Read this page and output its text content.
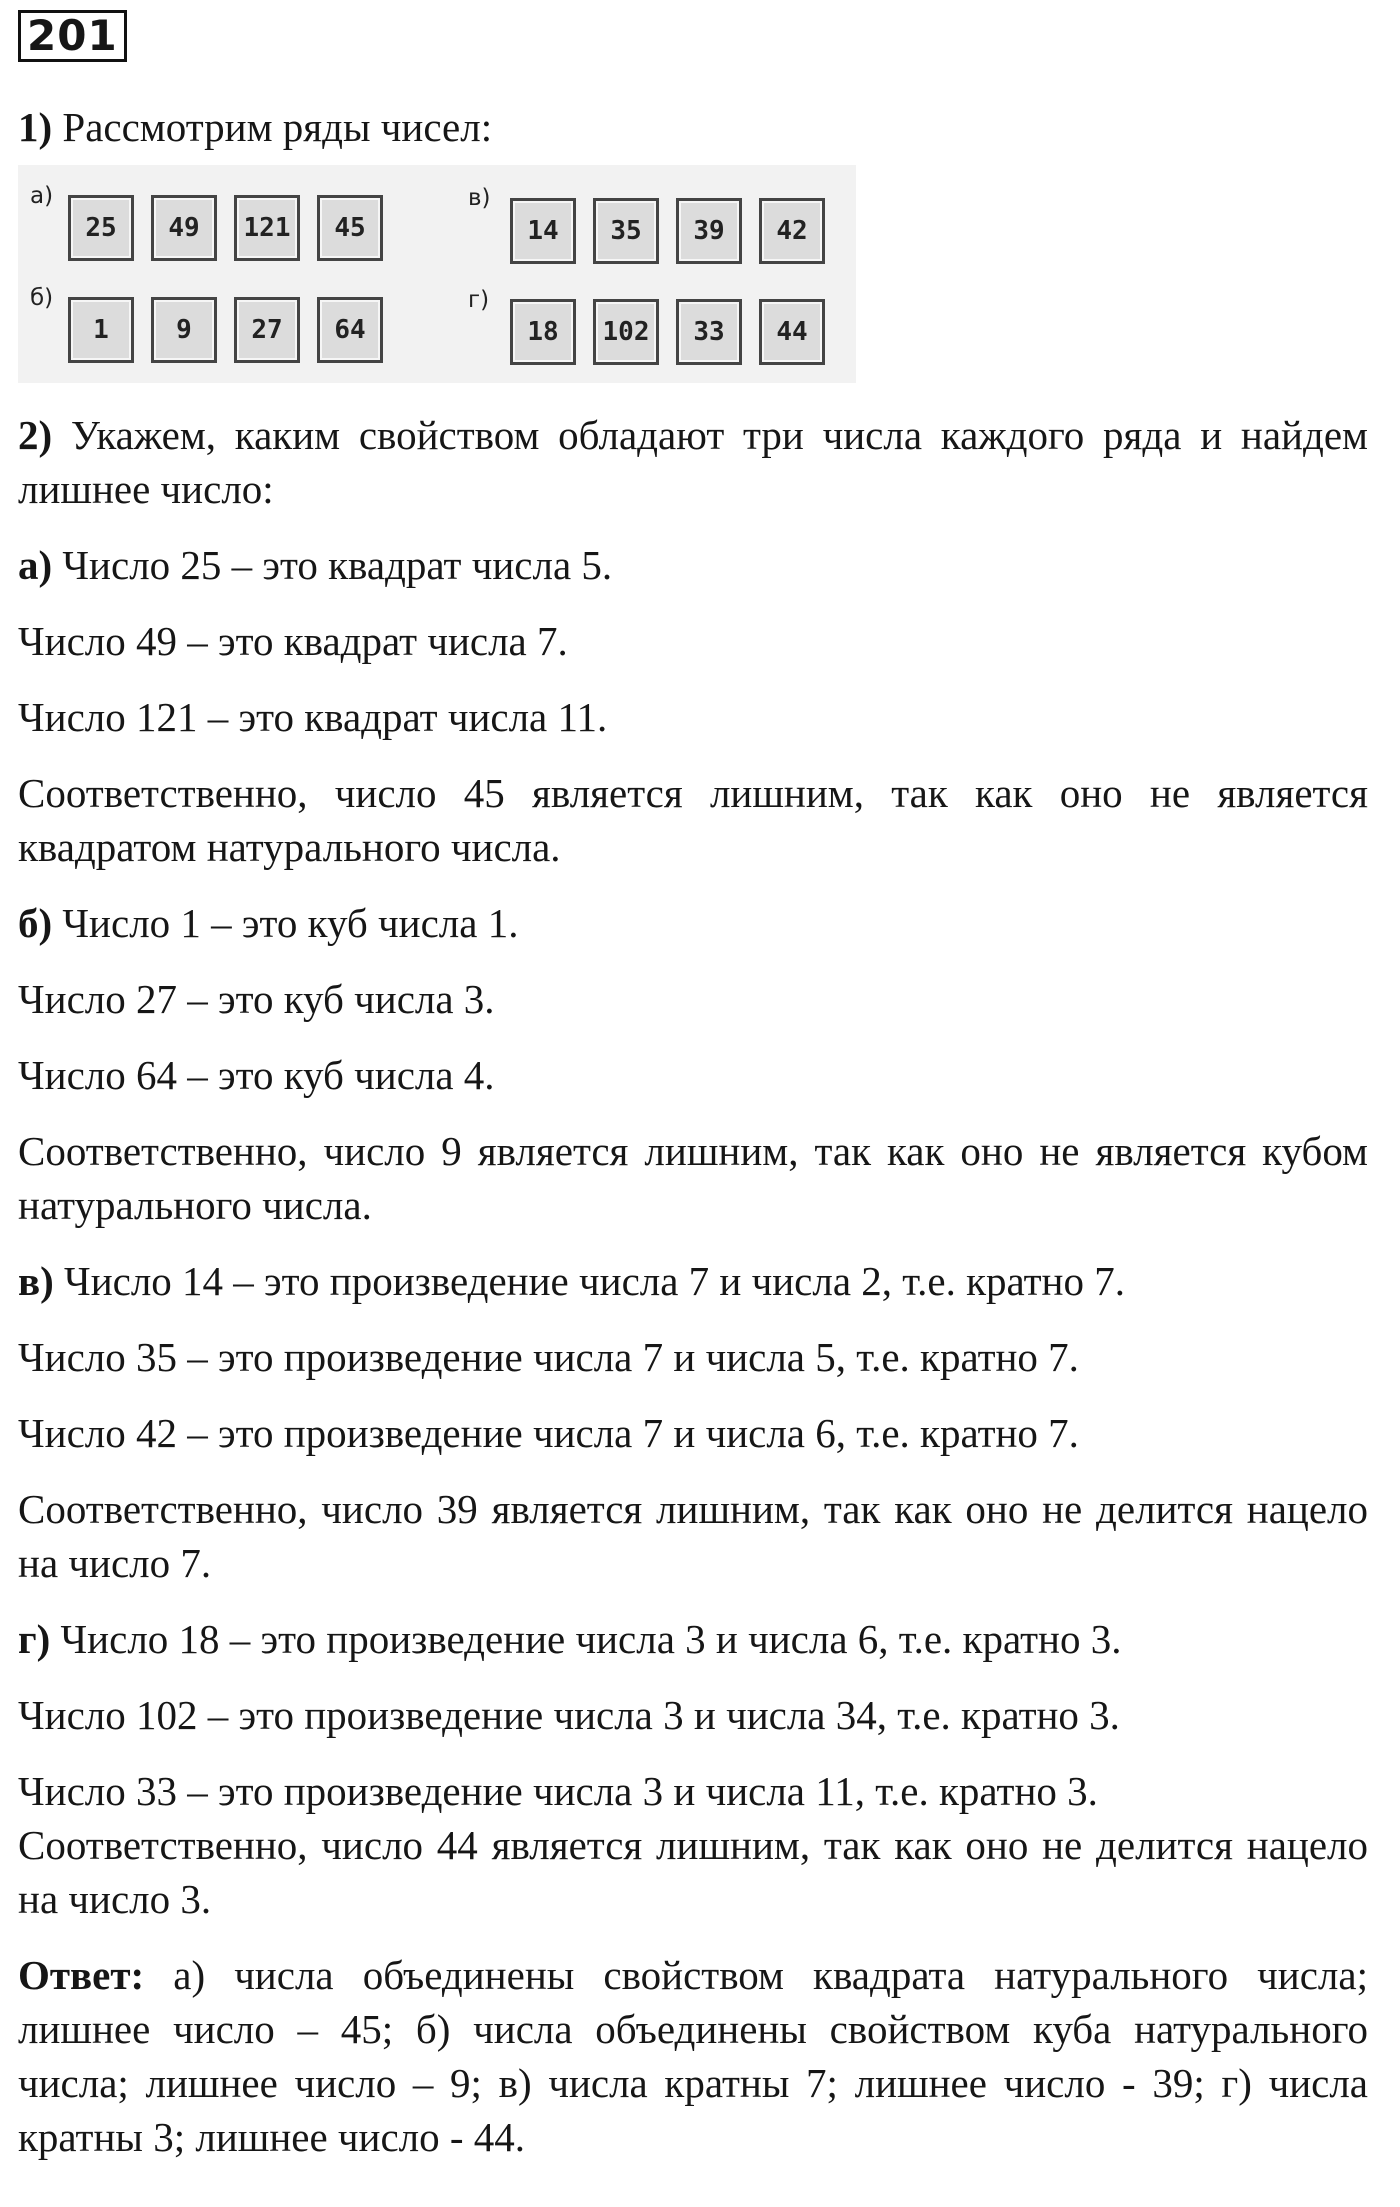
201

1) Рассмотрим ряды чисел:

а)
25	49	121	45
в)
14	35	39	42
б)
1	9	27	64
г)
18	102	33	44

2) Укажем, каким свойством обладают три числа каждого ряда и найдем лишнее число:

а) Число 25 – это квадрат числа 5.

Число 49 – это квадрат числа 7.

Число 121 – это квадрат числа 11.

Соответственно, число 45 является лишним, так как оно не является квадратом натурального числа.

б) Число 1 – это куб числа 1.

Число 27 – это куб числа 3.

Число 64 – это куб числа 4.

Соответственно, число 9 является лишним, так как оно не является кубом натурального числа.

в) Число 14 – это произведение числа 7 и числа 2, т.е. кратно 7.

Число 35 – это произведение числа 7 и числа 5, т.е. кратно 7.

Число 42 – это произведение числа 7 и числа 6, т.е. кратно 7.

Соответственно, число 39 является лишним, так как оно не делится нацело на число 7.

г) Число 18 – это произведение числа 3 и числа 6, т.е. кратно 3.

Число 102 – это произведение числа 3 и числа 34, т.е. кратно 3.

Число 33 – это произведение числа 3 и числа 11, т.е. кратно 3.

Соответственно, число 44 является лишним, так как оно не делится нацело на число 3.

Ответ: а) числа объединены свойством квадрата натурального числа; лишнее число – 45; б) числа объединены свойством куба натурального числа; лишнее число – 9; в) числа кратны 7; лишнее число - 39; г) числа кратны 3; лишнее число - 44.
